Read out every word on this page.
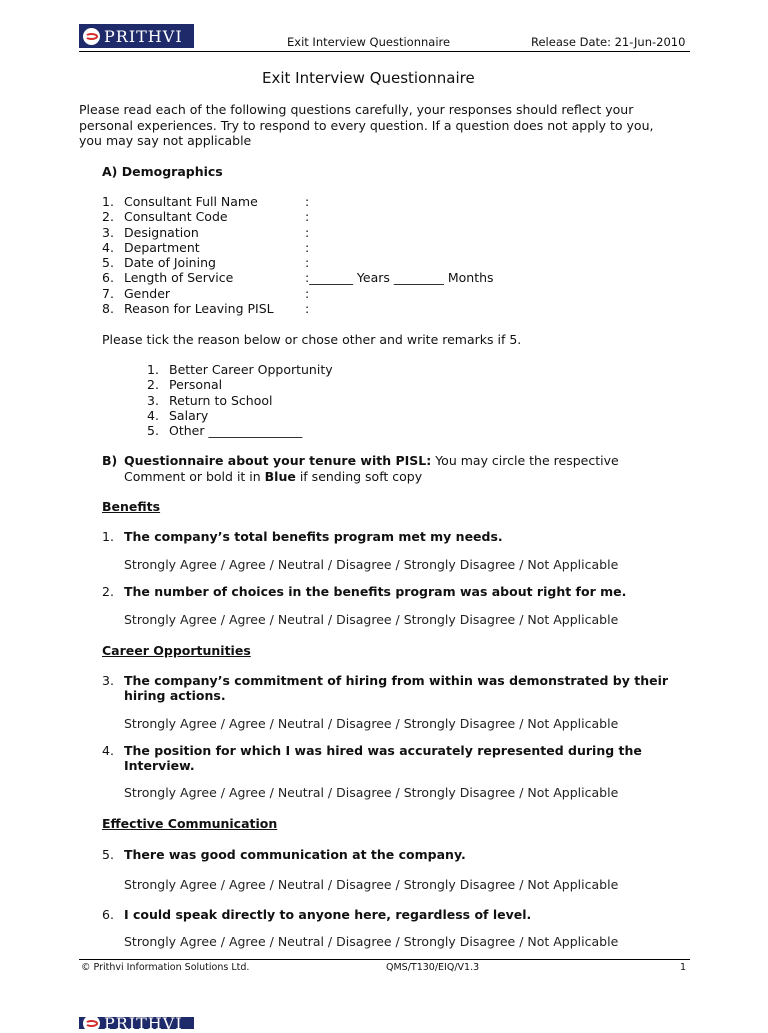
PRITHVI	Exit Interview Questionnaire	Release Date: 21-Jun-2010
Exit Interview Questionnaire
Please read each of the following questions carefully, your responses should reflect your
personal experiences. Try to respond to every question. If a question does not apply to you,
you may say not applicable
A) Demographics
1. Consultant Full Name	:
2. Consultant Code	:
3. Designation	:
4. Department	:
5. Date of Joining	:
6. Length of Service	:_______ Years ________ Months
7. Gender	:
8. Reason for Leaving PISL	:
Please tick the reason below or chose other and write remarks if 5.
1. Better Career Opportunity
2. Personal
3. Return to School
4. Salary
5. Other _______________
B) Questionnaire about your tenure with PISL: You may circle the respective
Comment or bold it in Blue if sending soft copy
Benefits
1. The company’s total benefits program met my needs.
Strongly Agree / Agree / Neutral / Disagree / Strongly Disagree / Not Applicable
2. The number of choices in the benefits program was about right for me.
Strongly Agree / Agree / Neutral / Disagree / Strongly Disagree / Not Applicable
Career Opportunities
3. The company’s commitment of hiring from within was demonstrated by their
hiring actions.
Strongly Agree / Agree / Neutral / Disagree / Strongly Disagree / Not Applicable
4. The position for which I was hired was accurately represented during the
Interview.
Strongly Agree / Agree / Neutral / Disagree / Strongly Disagree / Not Applicable
Effective Communication
5. There was good communication at the company.
Strongly Agree / Agree / Neutral / Disagree / Strongly Disagree / Not Applicable
6. I could speak directly to anyone here, regardless of level.
Strongly Agree / Agree / Neutral / Disagree / Strongly Disagree / Not Applicable
© Prithvi Information Solutions Ltd.	QMS/T130/EIQ/V1.3	1
PRITHVI
